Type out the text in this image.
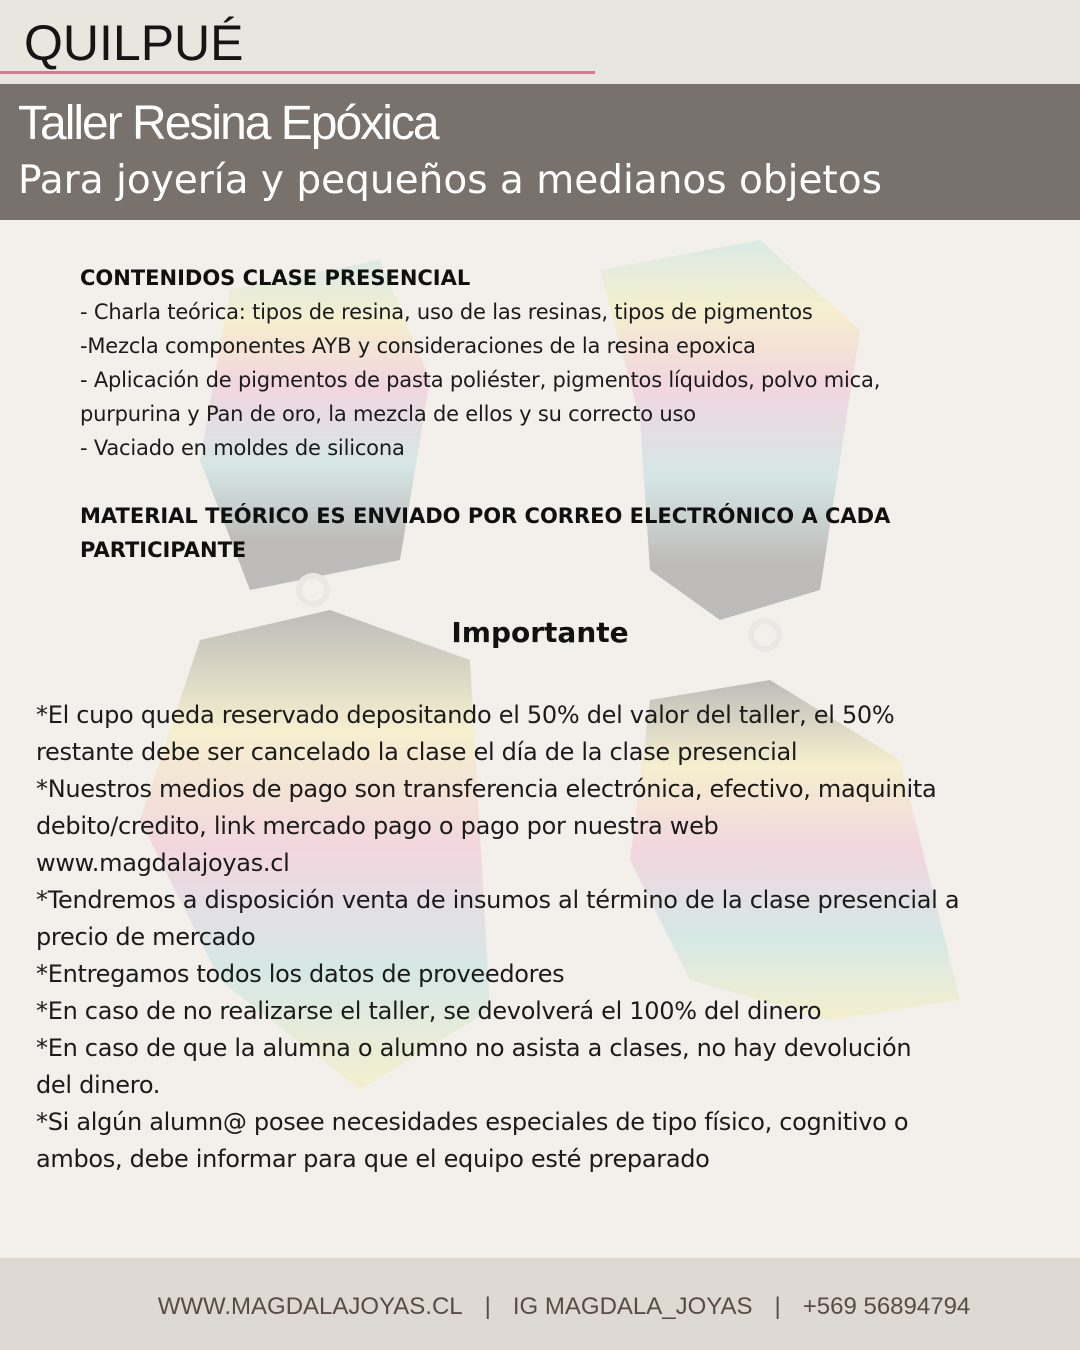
QUILPUÉ
Taller Resina Epóxica
Para joyería y pequeños a medianos objetos
CONTENIDOS CLASE PRESENCIAL
- Charla teórica: tipos de resina, uso de las resinas, tipos de pigmentos
-Mezcla componentes AYB y consideraciones de la resina epoxica
- Aplicación de pigmentos de pasta poliéster, pigmentos líquidos, polvo mica,
purpurina y Pan de oro, la mezcla de ellos y su correcto uso
- Vaciado en moldes de silicona
MATERIAL TEÓRICO ES ENVIADO POR CORREO ELECTRÓNICO A CADA
PARTICIPANTE
Importante
*El cupo queda reservado depositando el 50% del valor del taller, el 50%
restante debe ser cancelado la clase el día de la clase presencial
*Nuestros medios de pago son transferencia electrónica, efectivo, maquinita
debito/credito, link mercado pago o pago por nuestra web
www.magdalajoyas.cl
*Tendremos a disposición venta de insumos al término de la clase presencial a
precio de mercado
*Entregamos todos los datos de proveedores
*En caso de no realizarse el taller, se devolverá el 100% del dinero
*En caso de que la alumna o alumno no asista a clases, no hay devolución
del dinero.
*Si algún alumn@ posee necesidades especiales de tipo físico, cognitivo o
ambos, debe informar para que el equipo esté preparado
WWW.MAGDALAJOYAS.CL | IG MAGDALA_JOYAS | +569 56894794
